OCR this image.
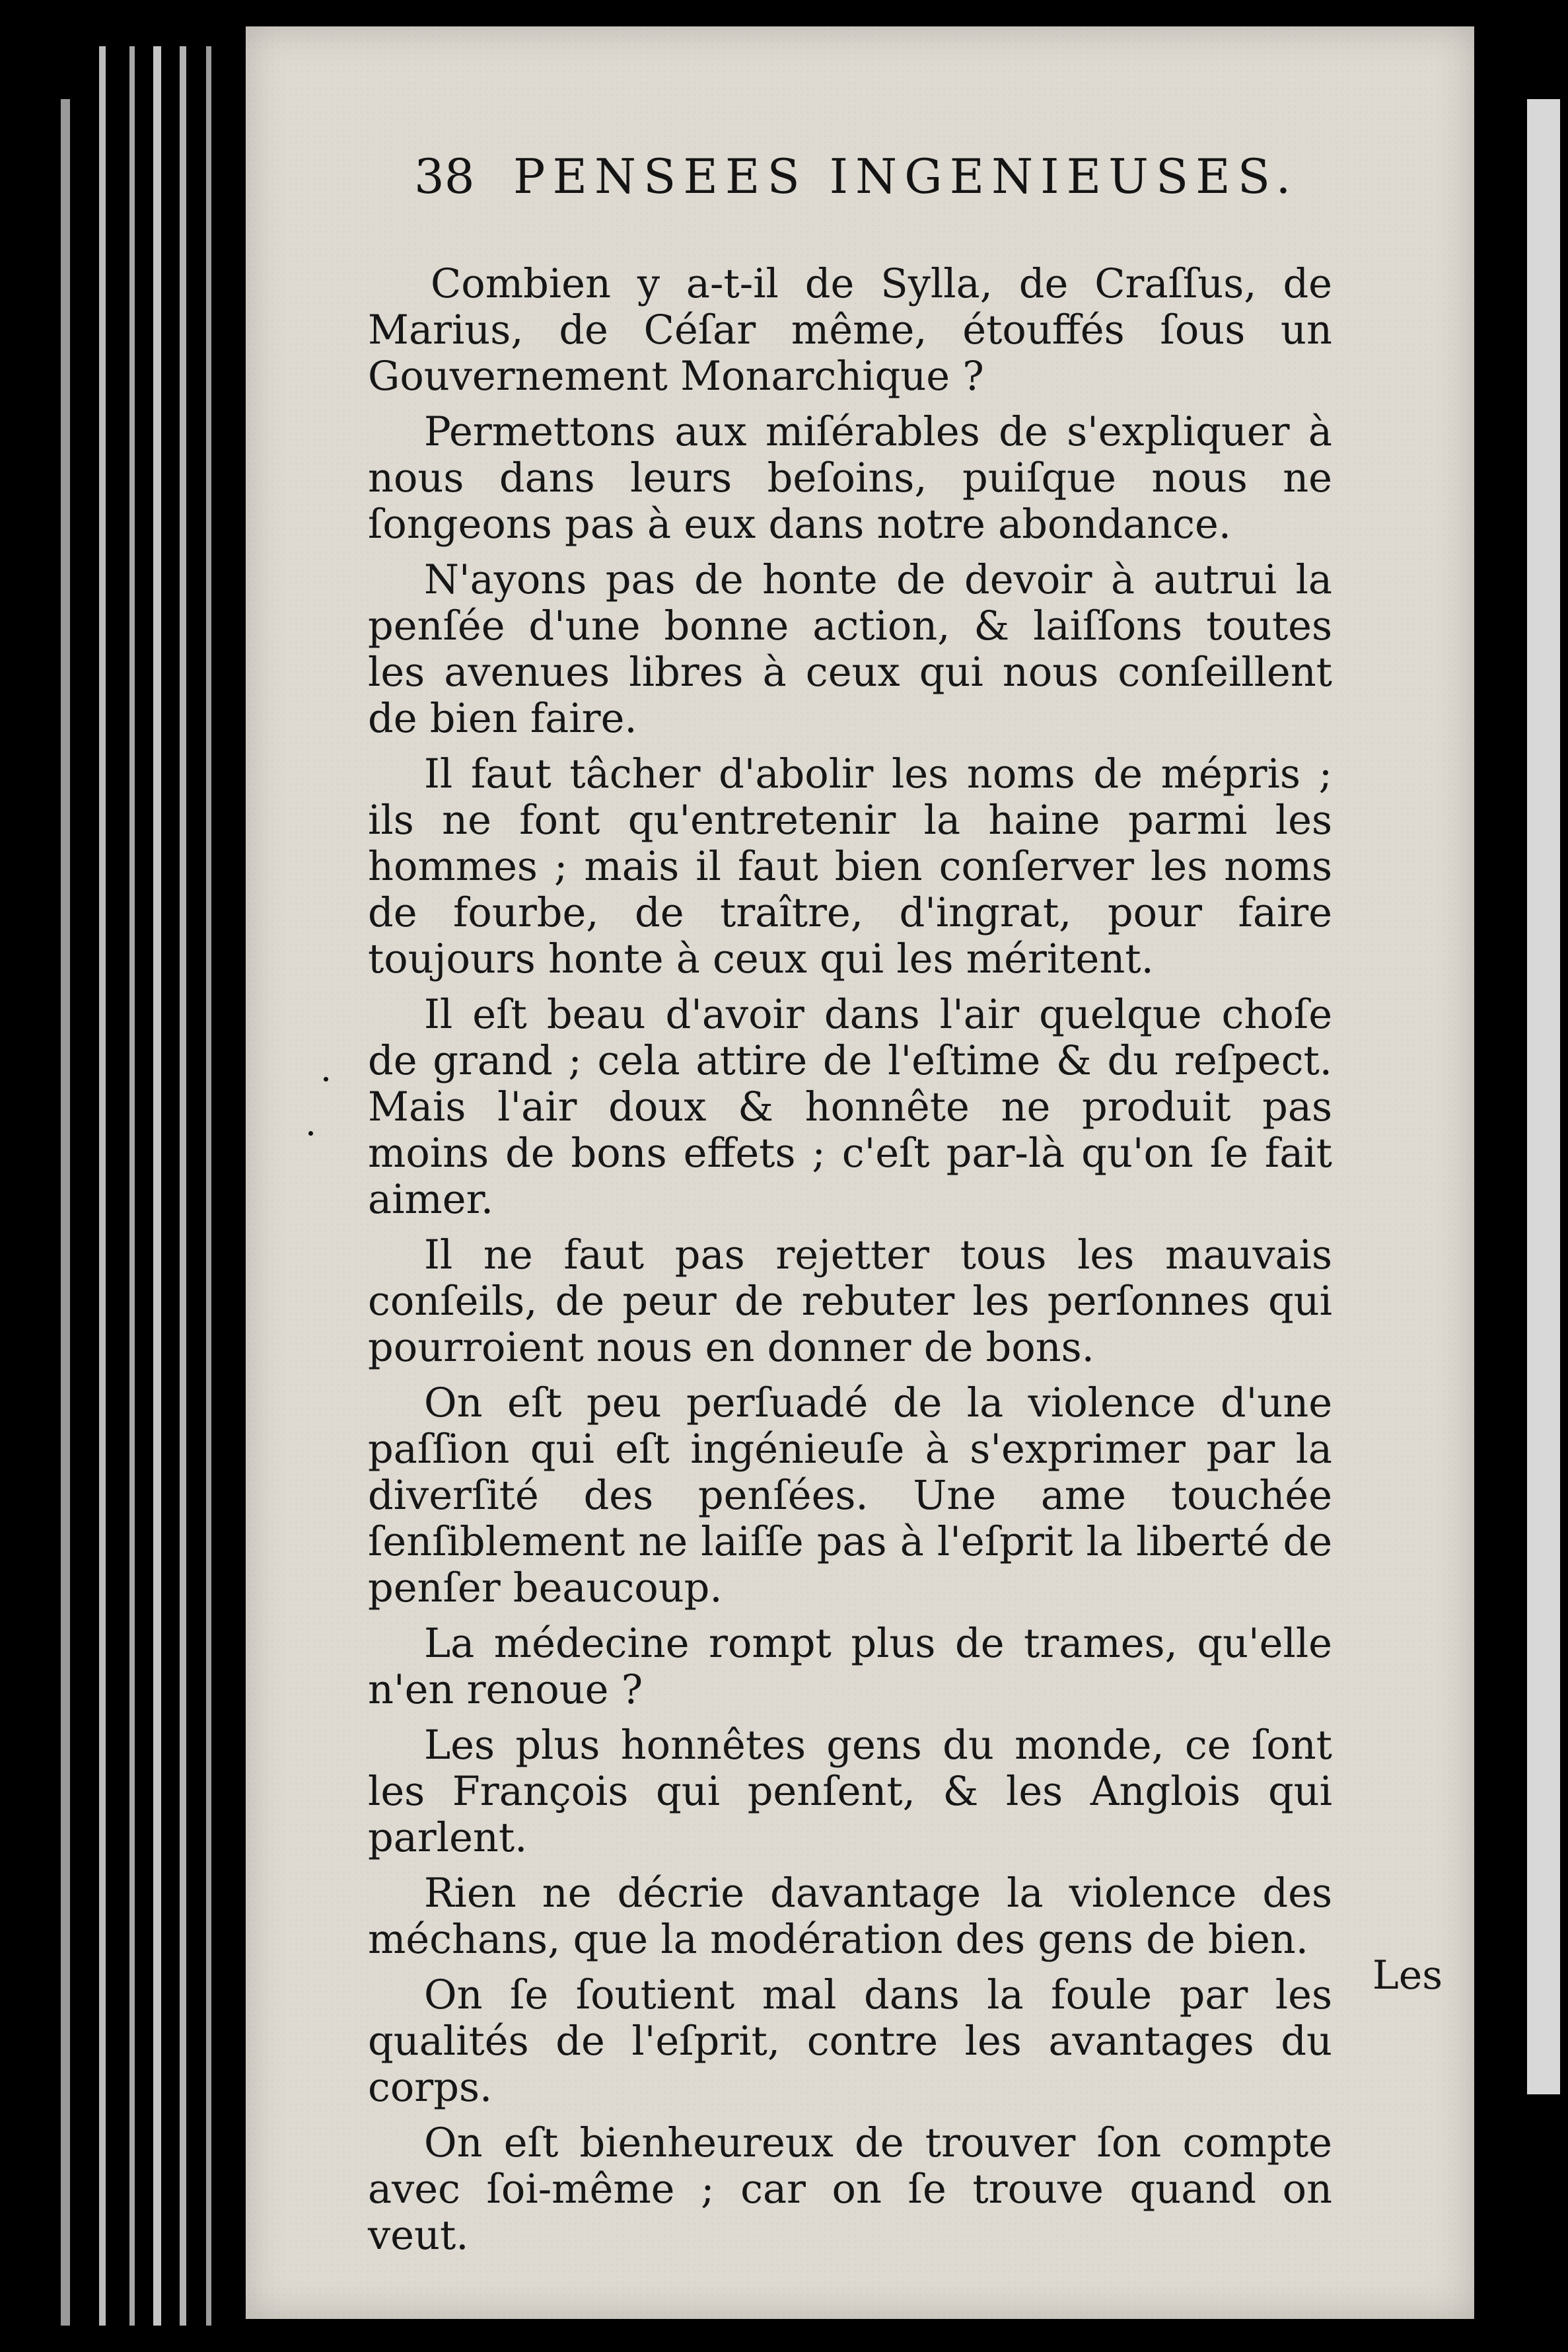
38 PENSEES INGENIEUSES.

Combien y a-t-il de Sylla, de Craſſus, de Marius, de Céſar même, étouffés ſous un Gouvernement Monarchique ?

Permettons aux miſérables de s'expliquer à nous dans leurs beſoins, puiſque nous ne ſongeons pas à eux dans notre abondance.

N'ayons pas de honte de devoir à autrui la penſée d'une bonne action, & laiſſons toutes les avenues libres à ceux qui nous conſeillent de bien faire.

Il faut tâcher d'abolir les noms de mépris ; ils ne font qu'entretenir la haine parmi les hommes ; mais il faut bien conſerver les noms de fourbe, de traître, d'ingrat, pour faire toujours honte à ceux qui les méritent.

Il eſt beau d'avoir dans l'air quelque choſe de grand ; cela attire de l'eſtime & du reſpect. Mais l'air doux & honnête ne produit pas moins de bons effets ; c'eſt par-là qu'on ſe fait aimer.

Il ne faut pas rejetter tous les mauvais conſeils, de peur de rebuter les perſonnes qui pourroient nous en donner de bons.

On eſt peu perſuadé de la violence d'une paſſion qui eſt ingénieuſe à s'exprimer par la diverſité des penſées. Une ame touchée ſenſiblement ne laiſſe pas à l'eſprit la liberté de penſer beaucoup.

La médecine rompt plus de trames, qu'elle n'en renoue ?

Les plus honnêtes gens du monde, ce ſont les François qui penſent, & les Anglois qui parlent.

Rien ne décrie davantage la violence des méchans, que la modération des gens de bien.

On ſe ſoutient mal dans la foule par les qualités de l'eſprit, contre les avantages du corps.

On eſt bienheureux de trouver ſon compte avec ſoi-même ; car on ſe trouve quand on veut.

Les
